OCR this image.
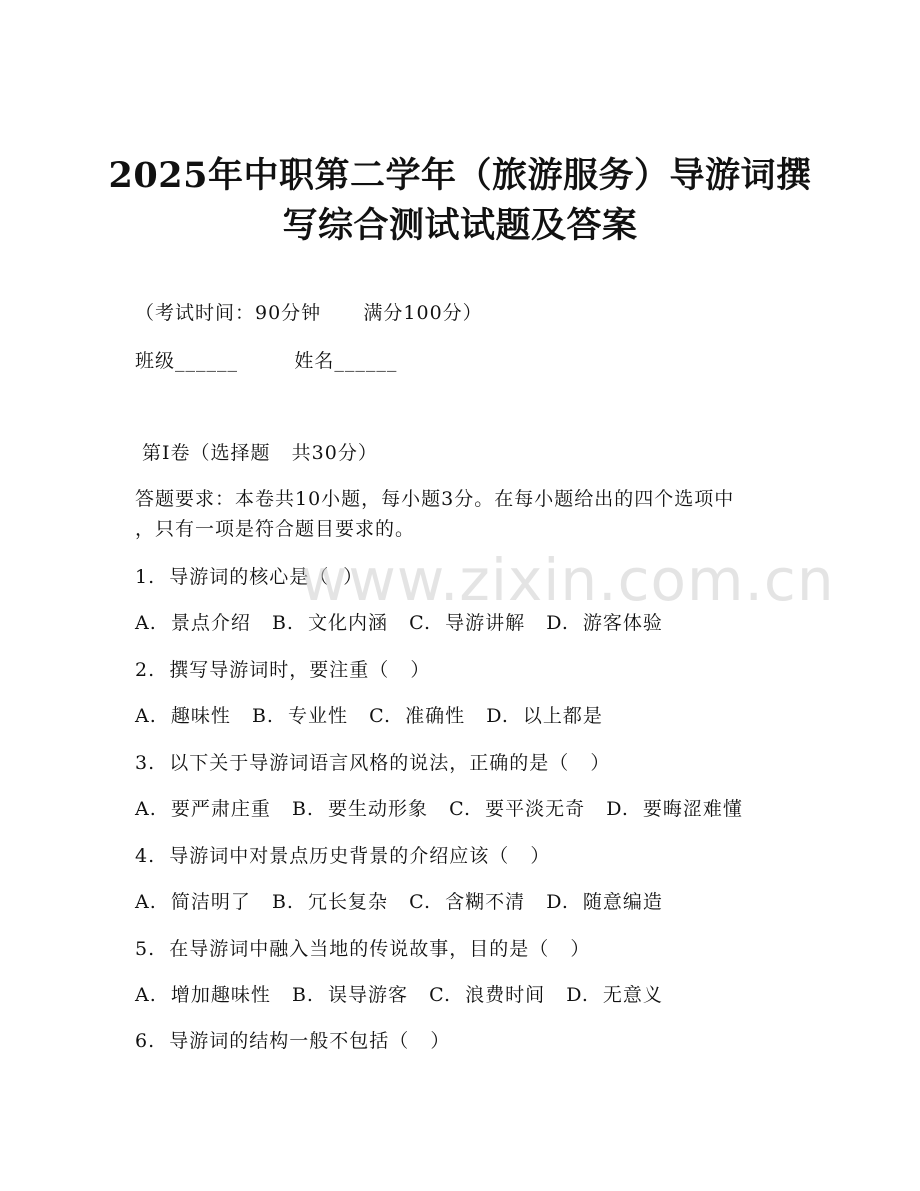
2025年中职第二学年（旅游服务）导游词撰
写综合测试试题及答案
（考试时间：90分钟      满分100分）
班级______        姓名______
第I卷（选择题   共30分）
答题要求：本卷共10小题，每小题3分。在每小题给出的四个选项中
，只有一项是符合题目要求的。
1.  导游词的核心是（  ）
A.  景点介绍   B.  文化内涵   C.  导游讲解   D.  游客体验
2.  撰写导游词时，要注重（   ）
A.  趣味性   B.  专业性   C.  准确性   D.  以上都是
3.  以下关于导游词语言风格的说法，正确的是（   ）
A.  要严肃庄重   B.  要生动形象   C.  要平淡无奇   D.  要晦涩难懂
4.  导游词中对景点历史背景的介绍应该（   ）
A.  简洁明了   B.  冗长复杂   C.  含糊不清   D.  随意编造
5.  在导游词中融入当地的传说故事，目的是（   ）
A.  增加趣味性   B.  误导游客   C.  浪费时间   D.  无意义
6.  导游词的结构一般不包括（   ）
www.zixin.com.cn
